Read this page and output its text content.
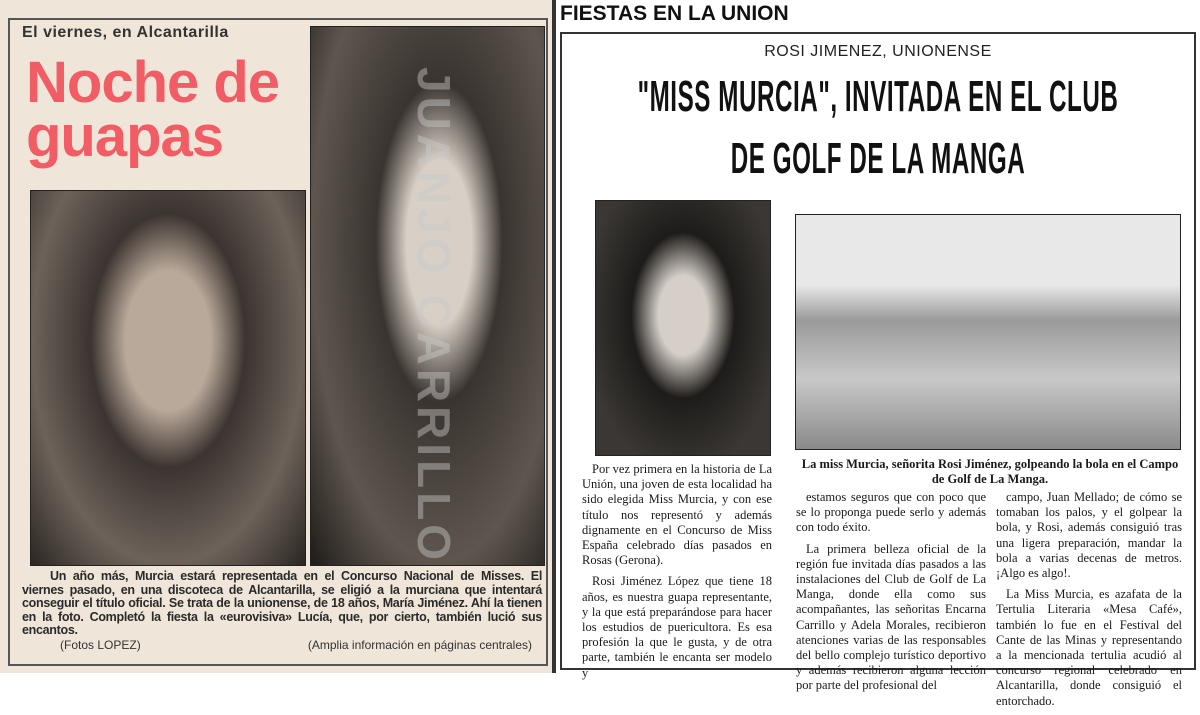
El viernes, en Alcantarilla
Noche de
guapas	JUANJO CARRILLO
Un año más, Murcia estará representada en el Concurso Nacional de Misses. El viernes pasado, en una discoteca de Alcantarilla, se eligió a la murciana que intentará conseguir el título oficial. Se trata de la unionense, de 18 años, María Jiménez. Ahí la tienen en la foto. Completó la fiesta la «eurovisiva» Lucía, que, por cierto, también lució sus encantos.
(Fotos LOPEZ)	(Amplia información en páginas centrales)
FIESTAS EN LA UNION
ROSI JIMENEZ, UNIONENSE
"MISS MURCIA", INVITADA EN EL CLUB
DE GOLF DE LA MANGA
La miss Murcia, señorita Rosi Jiménez, golpeando la bola en el Campo de Golf de La Manga.

Por vez primera en la historia de La Unión, una joven de esta localidad ha sido elegida Miss Murcia, y con ese título nos representó y además dignamente en el Concurso de Miss España celebrado días pasados en Rosas (Gerona).

Rosi Jiménez López que tiene 18 años, es nuestra guapa representante, y la que está preparándose para hacer los estudios de puericultora. Es esa profesión la que le gusta, y de otra parte, también le encanta ser modelo y

estamos seguros que con poco que se lo proponga puede serlo y además con todo éxito.

La primera belleza oficial de la región fue invitada días pasados a las instalaciones del Club de Golf de La Manga, donde ella como sus acompañantes, las señoritas Encarna Carrillo y Adela Morales, recibieron atenciones varias de las responsables del bello complejo turístico deportivo y además recibieron alguna lección por parte del profesional del

campo, Juan Mellado; de cómo se tomaban los palos, y el golpear la bola, y Rosi, además consiguió tras una ligera preparación, mandar la bola a varias decenas de metros. ¡Algo es algo!.

La Miss Murcia, es azafata de la Tertulia Literaria «Mesa Café», también lo fue en el Festival del Cante de las Minas y representando a la mencionada tertulia acudió al concurso regional celebrado en Alcantarilla, donde consiguió el entorchado.
